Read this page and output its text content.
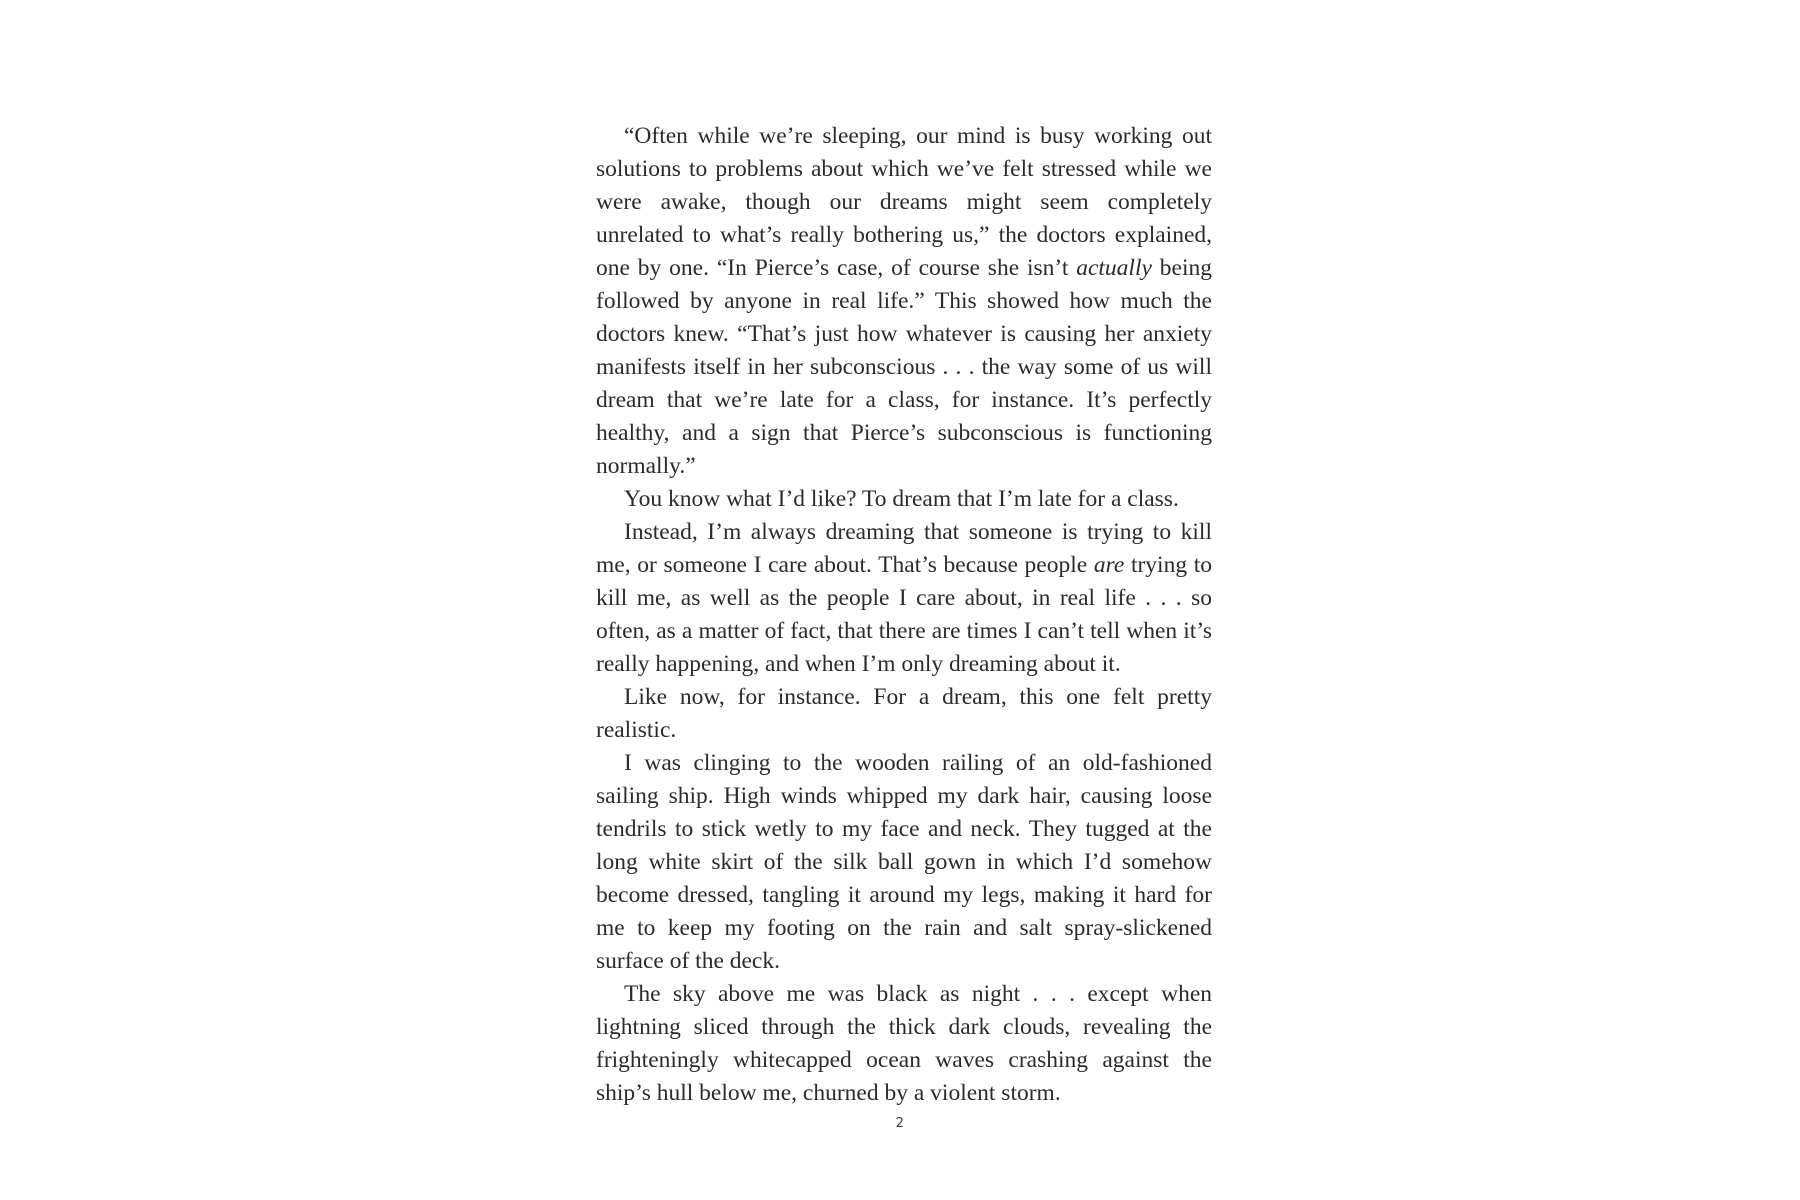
“Often while we’re sleeping, our mind is busy working out solutions to problems about which we’ve felt stressed while we were awake, though our dreams might seem completely unrelated to what’s really bothering us,” the doctors explained, one by one. “In Pierce’s case, of course she isn’t actually being followed by anyone in real life.” This showed how much the doctors knew. “That’s just how whatever is causing her anxiety manifests itself in her subconscious . . . the way some of us will dream that we’re late for a class, for instance. It’s perfectly healthy, and a sign that Pierce’s subconscious is functioning normally.”

You know what I’d like? To dream that I’m late for a class.

Instead, I’m always dreaming that someone is trying to kill me, or someone I care about. That’s because people are trying to kill me, as well as the people I care about, in real life . . . so often, as a matter of fact, that there are times I can’t tell when it’s really happening, and when I’m only dreaming about it.

Like now, for instance. For a dream, this one felt pretty realistic.

I was clinging to the wooden railing of an old-fashioned sailing ship. High winds whipped my dark hair, causing loose tendrils to stick wetly to my face and neck. They tugged at the long white skirt of the silk ball gown in which I’d somehow become dressed, tangling it around my legs, making it hard for me to keep my footing on the rain and salt spray-slickened surface of the deck.

The sky above me was black as night . . . except when lightning sliced through the thick dark clouds, revealing the frighteningly whitecapped ocean waves crashing against the ship’s hull below me, churned by a violent storm.

2
